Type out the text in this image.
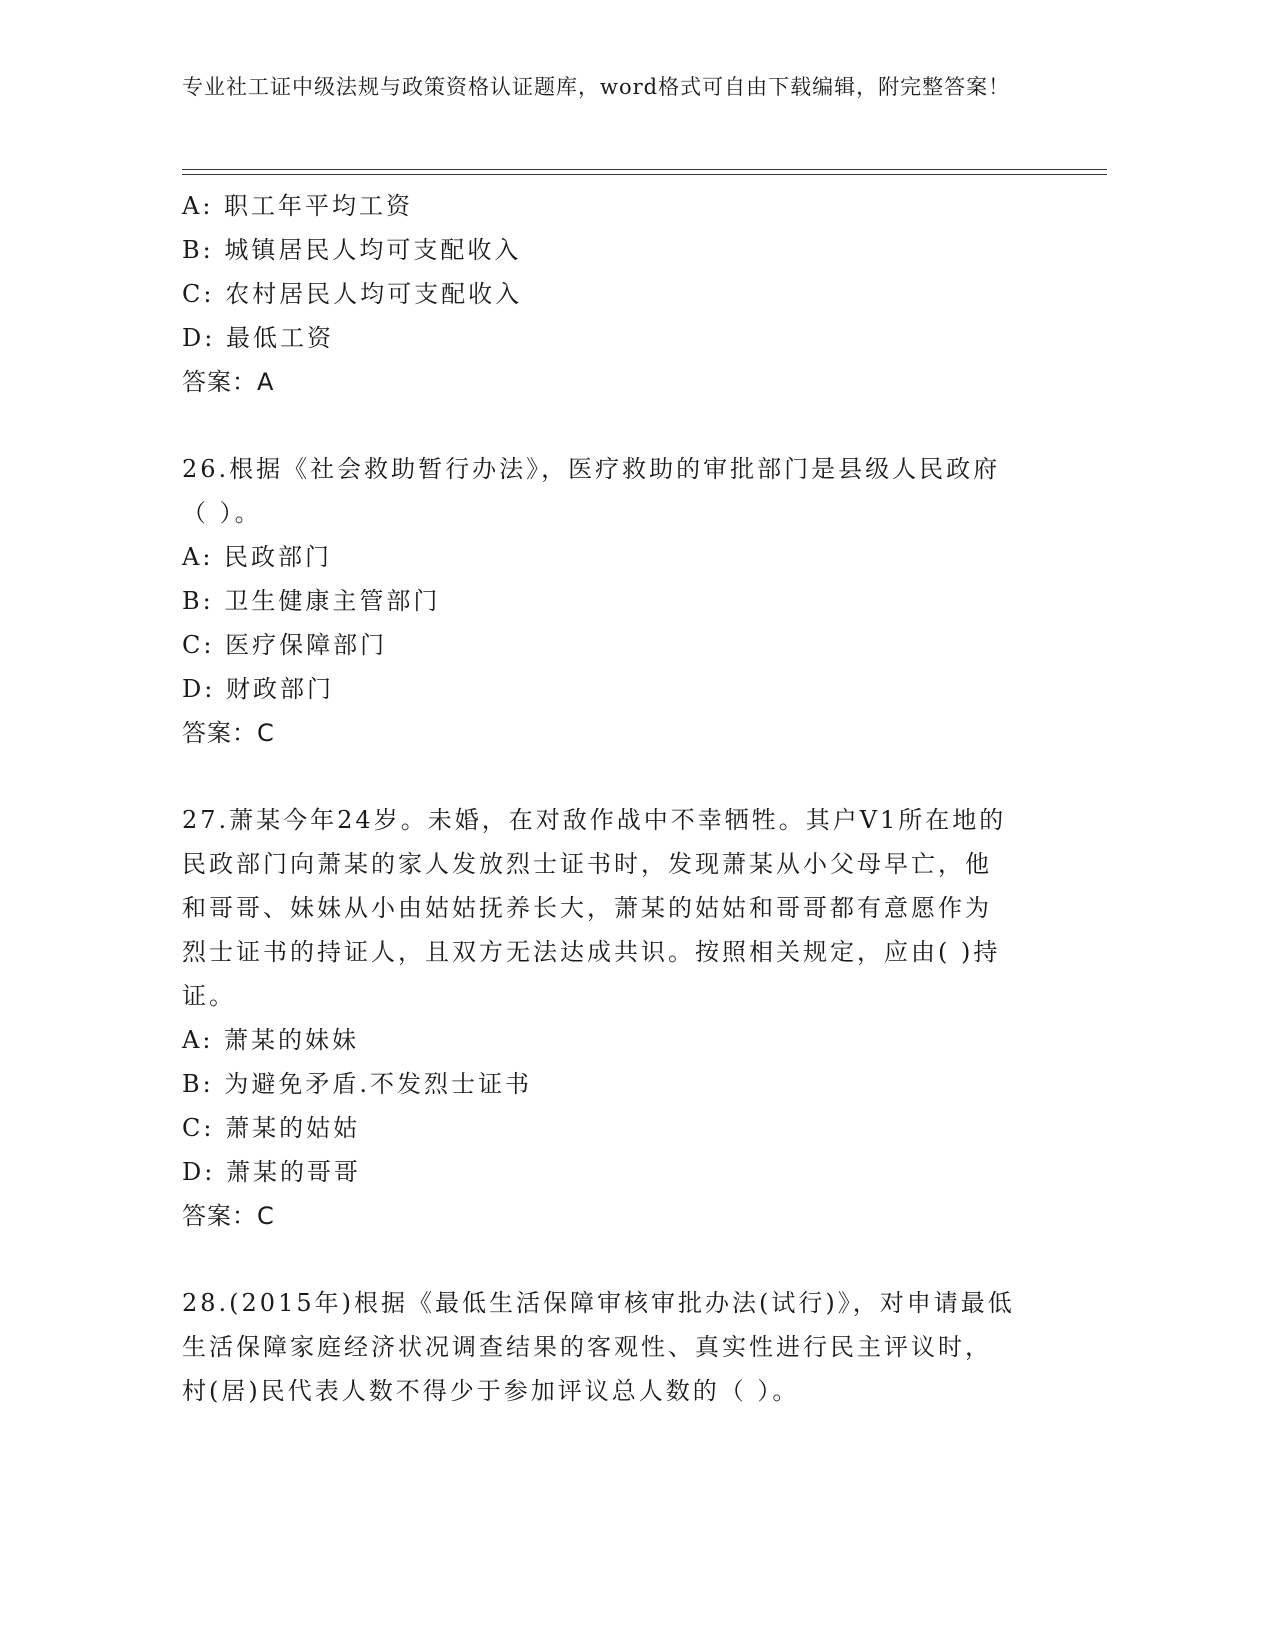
专业社工证中级法规与政策资格认证题库，word格式可自由下载编辑，附完整答案！
A: 职工年平均工资
B: 城镇居民人均可支配收入
C: 农村居民人均可支配收入
D: 最低工资
答案：A
26.根据《社会救助暂行办法》，医疗救助的审批部门是县级人民政府
（ ）。
A: 民政部门
B: 卫生健康主管部门
C: 医疗保障部门
D: 财政部门
答案：C
27.萧某今年24岁。未婚，在对敌作战中不幸牺牲。其户V1所在地的
民政部门向萧某的家人发放烈士证书时，发现萧某从小父母早亡，他
和哥哥、妹妹从小由姑姑抚养长大，萧某的姑姑和哥哥都有意愿作为
烈士证书的持证人，且双方无法达成共识。按照相关规定，应由( )持
证。
A: 萧某的妹妹
B: 为避免矛盾.不发烈士证书
C: 萧某的姑姑
D: 萧某的哥哥
答案：C
28.(2015年)根据《最低生活保障审核审批办法(试行)》，对申请最低
生活保障家庭经济状况调查结果的客观性、真实性进行民主评议时，
村(居)民代表人数不得少于参加评议总人数的（ ）。
